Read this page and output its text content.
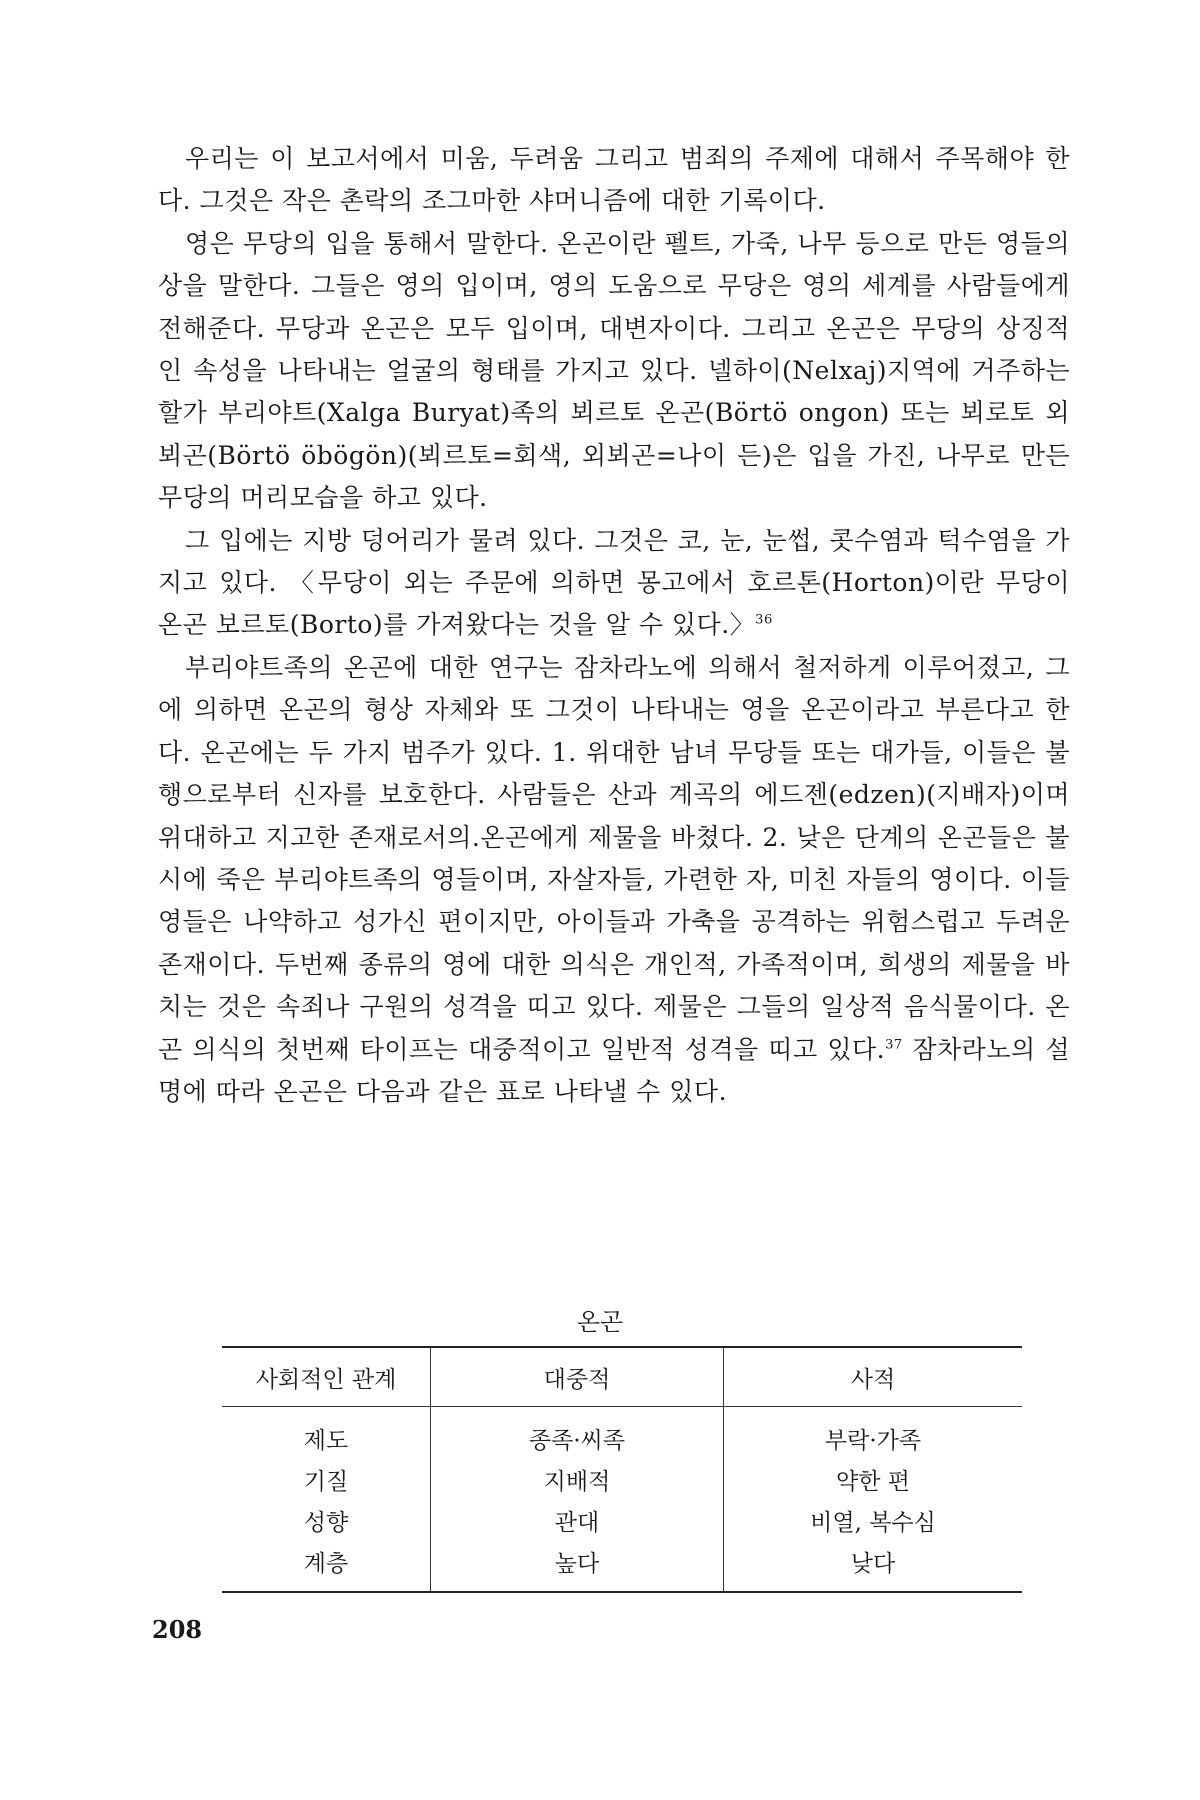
우리는 이 보고서에서 미움, 두려움 그리고 범죄의 주제에 대해서 주목해야 한다. 그것은 작은 촌락의 조그마한 샤머니즘에 대한 기록이다.

영은 무당의 입을 통해서 말한다. 온곤이란 펠트, 가죽, 나무 등으로 만든 영들의 상을 말한다. 그들은 영의 입이며, 영의 도움으로 무당은 영의 세계를 사람들에게 전해준다. 무당과 온곤은 모두 입이며, 대변자이다. 그리고 온곤은 무당의 상징적인 속성을 나타내는 얼굴의 형태를 가지고 있다. 넬하이(Nelxaj)지역에 거주하는 할가 부리야트(Xalga Buryat)족의 뵈르토 온곤(Börtö ongon) 또는 뵈로토 외뵈곤(Börtö öbögön)(뵈르토=회색, 외뵈곤=나이 든)은 입을 가진, 나무로 만든 무당의 머리모습을 하고 있다.

그 입에는 지방 덩어리가 물려 있다. 그것은 코, 눈, 눈썹, 콧수염과 턱수염을 가지고 있다. 〈무당이 외는 주문에 의하면 몽고에서 호르톤(Horton)이란 무당이 온곤 보르토(Borto)를 가져왔다는 것을 알 수 있다.〉$^{36}$

부리야트족의 온곤에 대한 연구는 잠차라노에 의해서 철저하게 이루어졌고, 그에 의하면 온곤의 형상 자체와 또 그것이 나타내는 영을 온곤이라고 부른다고 한다. 온곤에는 두 가지 범주가 있다. 1. 위대한 남녀 무당들 또는 대가들, 이들은 불행으로부터 신자를 보호한다. 사람들은 산과 계곡의 에드젠(edzen)(지배자)이며 위대하고 지고한 존재로서의.온곤에게 제물을 바쳤다. 2. 낮은 단계의 온곤들은 불시에 죽은 부리야트족의 영들이며, 자살자들, 가련한 자, 미친 자들의 영이다. 이들 영들은 나약하고 성가신 편이지만, 아이들과 가축을 공격하는 위험스럽고 두려운 존재이다. 두번째 종류의 영에 대한 의식은 개인적, 가족적이며, 희생의 제물을 바치는 것은 속죄나 구원의 성격을 띠고 있다. 제물은 그들의 일상적 음식물이다. 온곤 의식의 첫번째 타이프는 대중적이고 일반적 성격을 띠고 있다.$^{37}$ 잠차라노의 설명에 따라 온곤은 다음과 같은 표로 나타낼 수 있다.

온곤
사회적인 관계	대중적	사적
제도	종족·씨족	부락·가족
기질	지배적	약한 편
성향	관대	비열, 복수심
계층	높다	낮다
208
